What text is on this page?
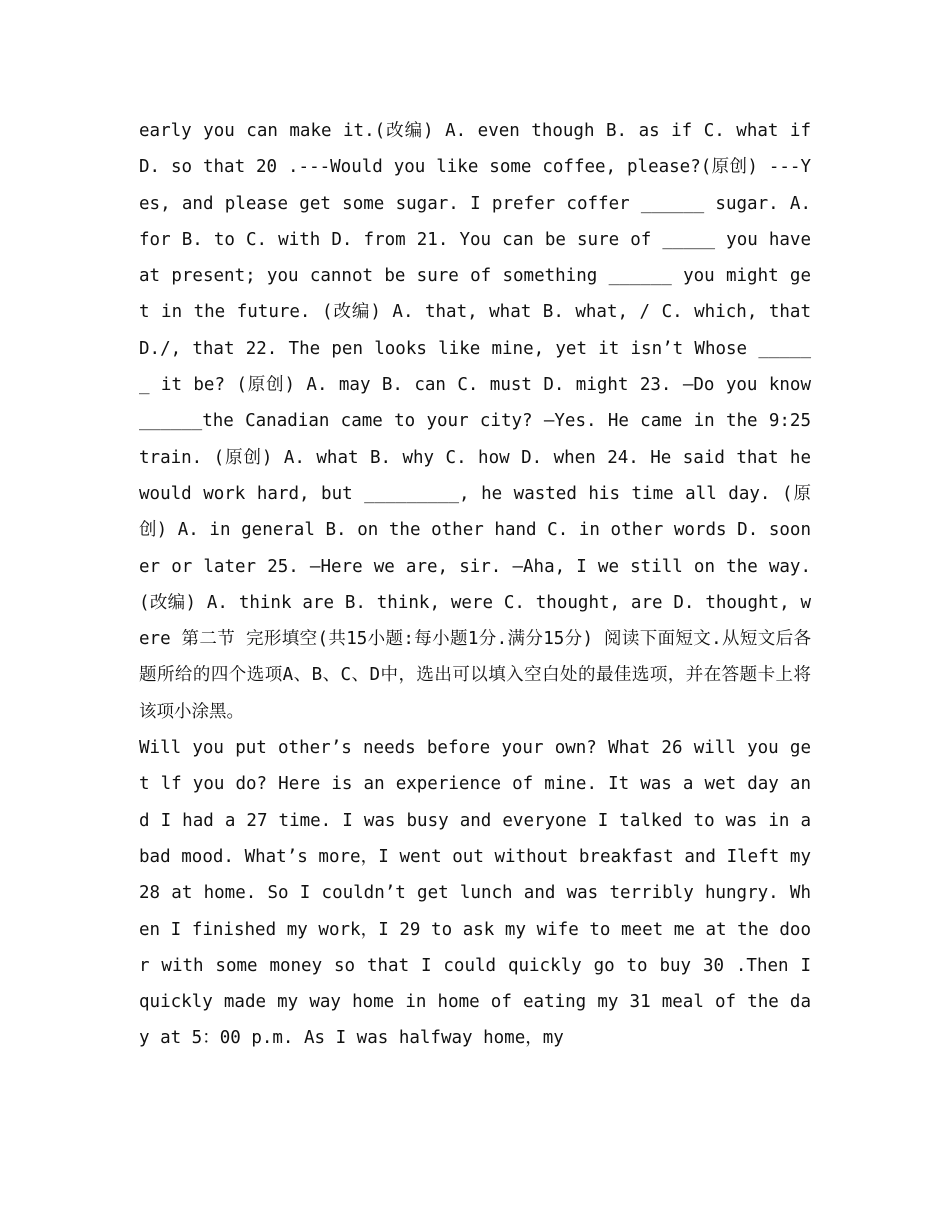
early you can make it.(改编) A. even though B. as if C. what if D. so that 20 .---Would you like some coffee, please?(原创) ---Yes, and please get some sugar. I prefer coffer ______ sugar. A. for B. to C. with D. from 21. You can be sure of _____ you have at present; you cannot be sure of something ______ you might get in the future. (改编) A. that, what B. what, / C. which, that D./, that 22. The pen looks like mine, yet it isn’t Whose ______ it be? (原创) A. may B. can C. must D. might 23. —Do you know ______the Canadian came to your city? –Yes. He came in the 9:25 train. (原创) A. what B. why C. how D. when 24. He said that he would work hard, but _________, he wasted his time all day. (原创) A. in general B. on the other hand C. in other words D. sooner or later 25. —Here we are, sir. –Aha, I we still on the way. (改编) A. think are B. think, were C. thought, are D. thought, were 第二节 完形填空(共15小题:每小题1分.满分15分) 阅读下面短文.从短文后各题所给的四个选项A、B、C、D中，选出可以填入空白处的最佳选项，并在答题卡上将该项小涂黑。

Will you put other’s needs before your own? What 26 will you get lf you do? Here is an experience of mine. It was a wet day and I had a 27 time. I was busy and everyone I talked to was in a bad mood. What’s more，I went out without breakfast and Ileft my 28 at home. So I couldn’t get lunch and was terribly hungry. When I finished my work，I 29 to ask my wife to meet me at the door with some money so that I could quickly go to buy 30 .Then I quickly made my way home in home of eating my 31 meal of the day at 5：00 p.m. As I was halfway home，my
